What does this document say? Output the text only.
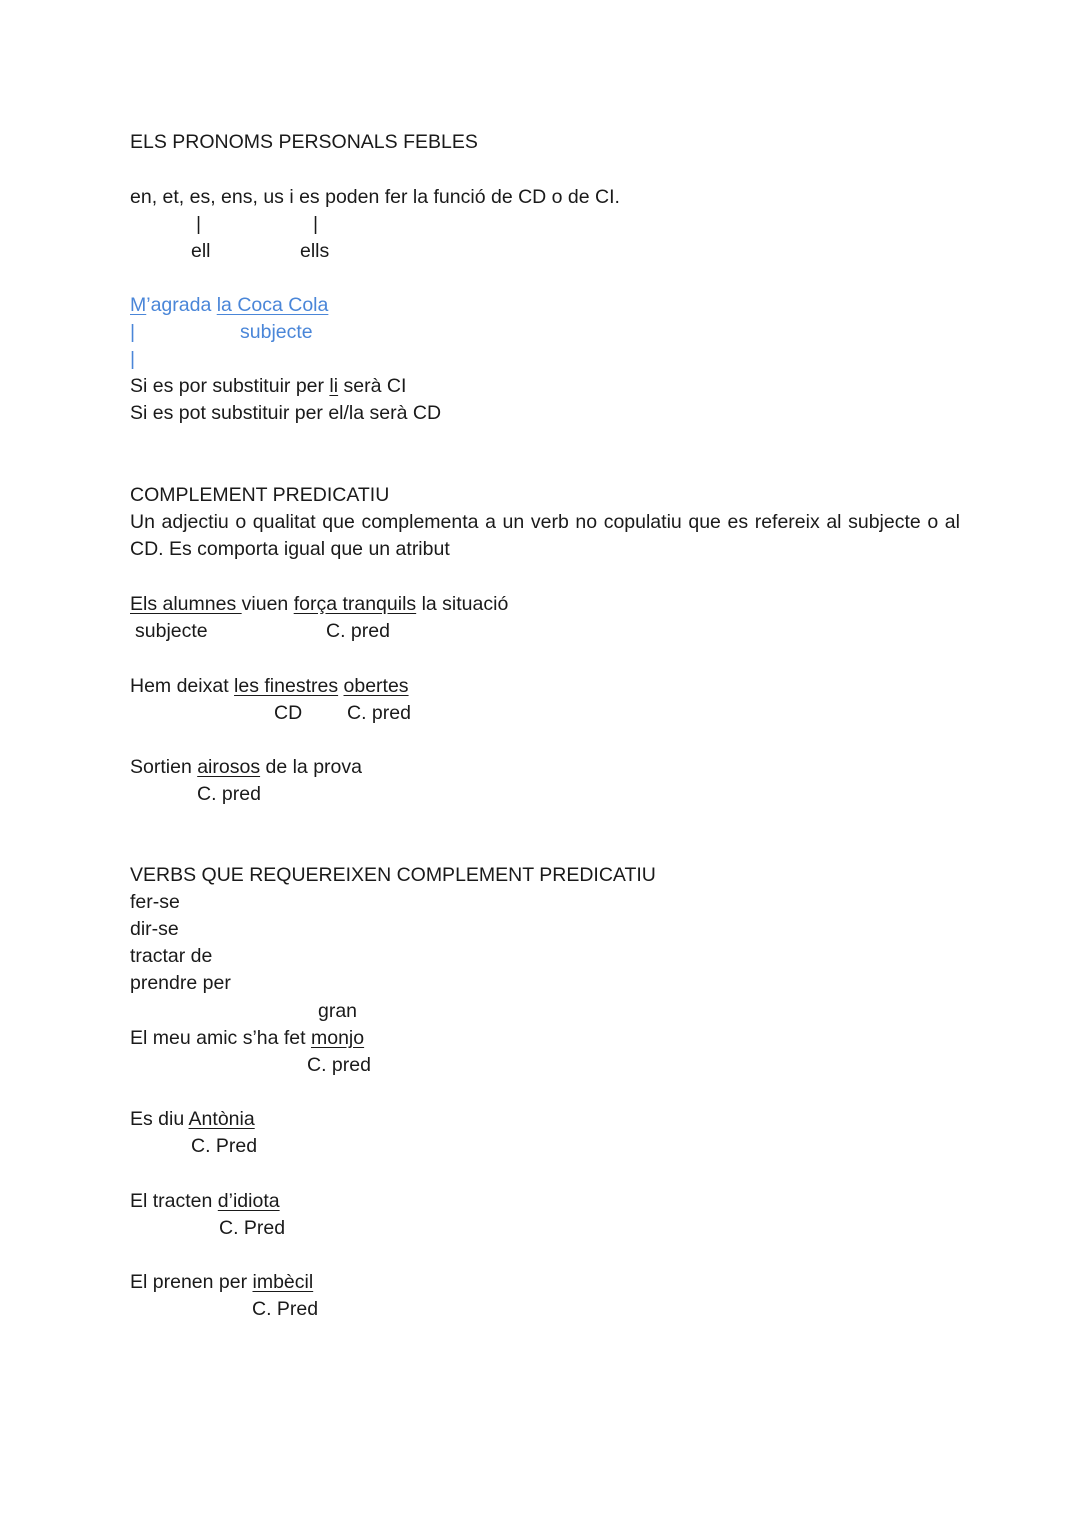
ELS PRONOMS PERSONALS FEBLES
en, et, es, ens, us i es poden fer la funció de CD o de CI.
|	|
ell	ells
M’agrada la Coca Cola
|	subjecte
|
Si es por substituir per li serà CI
Si es pot substituir per el/la serà CD
COMPLEMENT PREDICATIU
Un adjectiu o qualitat que complementa a un verb no copulatiu que es refereix al subjecte o al CD. Es comporta igual que un atribut
Els alumnes viuen força tranquils la situació
subjecte	C. pred
Hem deixat les finestres obertes
CD C. pred
Sortien airosos de la prova
C. pred
VERBS QUE REQUEREIXEN COMPLEMENT PREDICATIU
fer-se
dir-se
tractar de
prendre per
gran
El meu amic s’ha fet monjo
C. pred
Es diu Antònia
C. Pred
El tracten d’idiota
C. Pred
El prenen per imbècil
C. Pred
